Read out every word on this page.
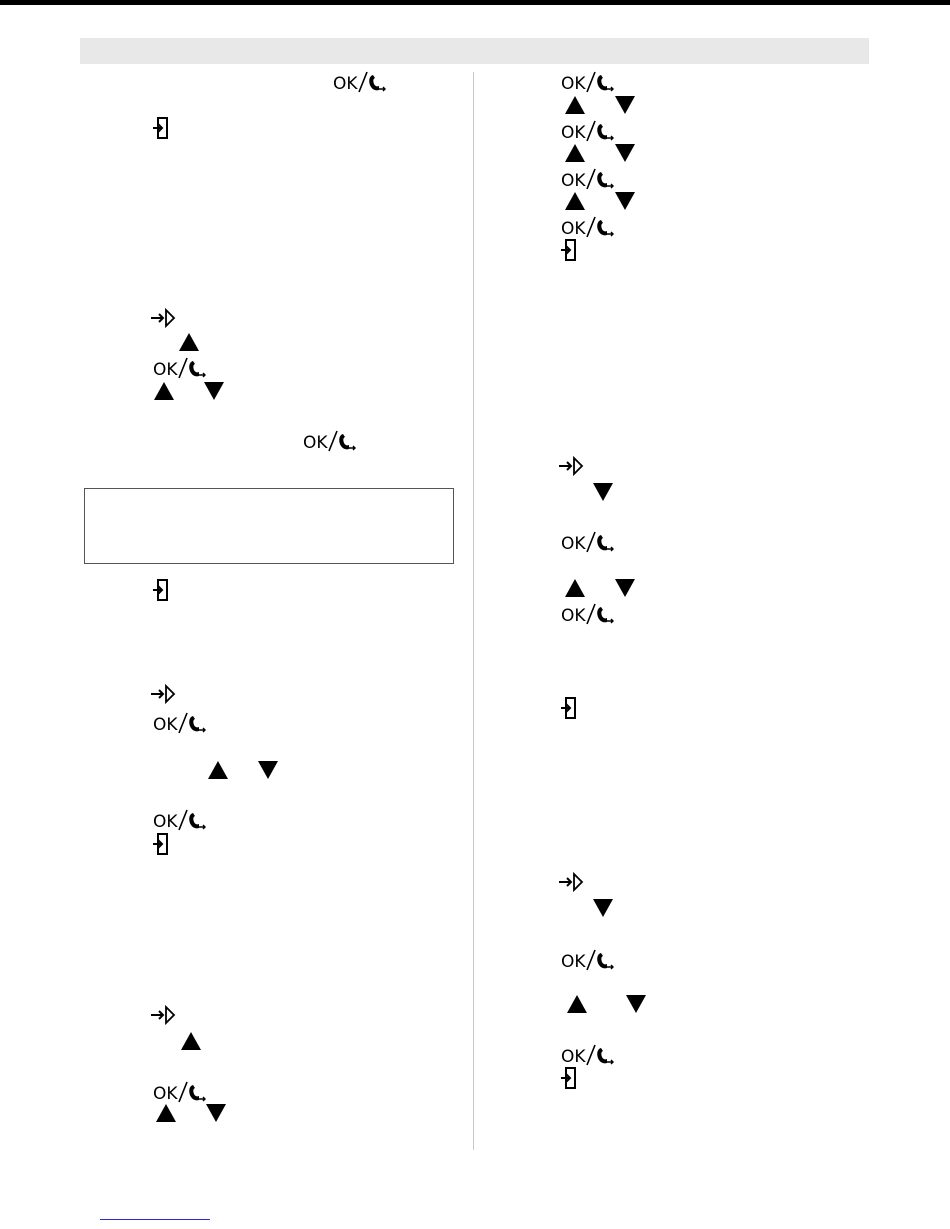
OK
OK
OK
OK
OK
OK
OK
OK
OK
OK
OK
OK
OK
OK
